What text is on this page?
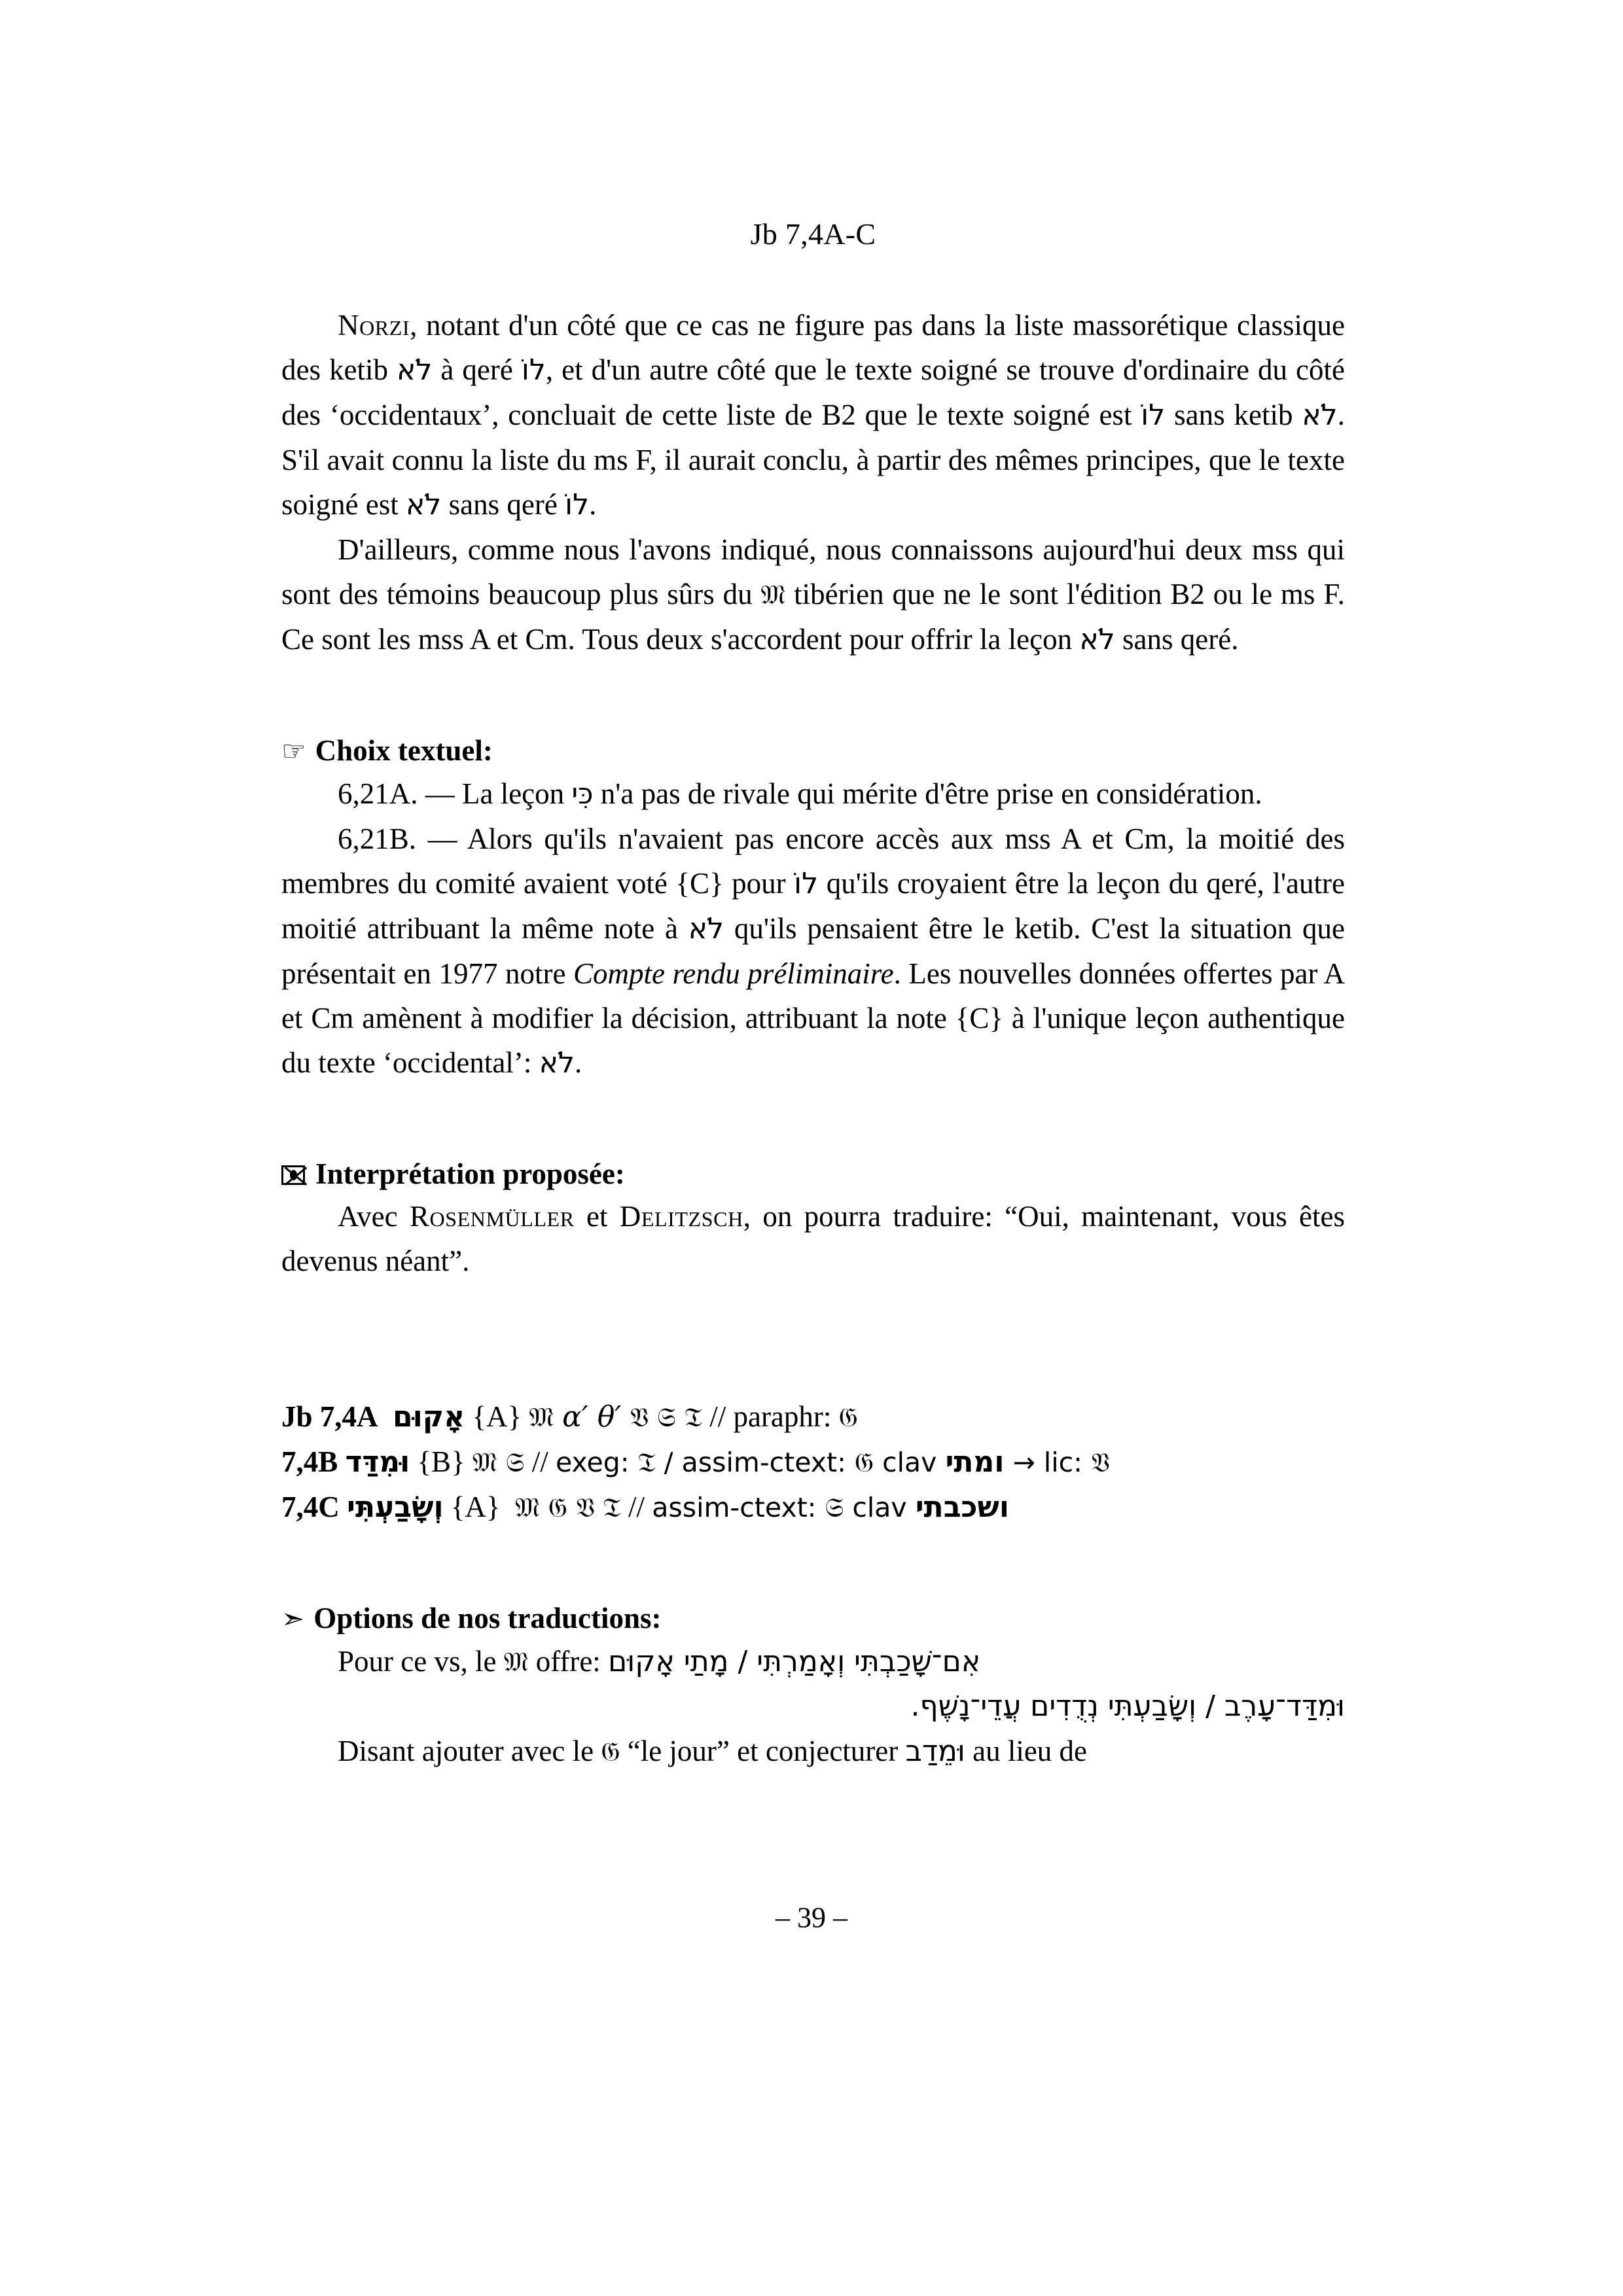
Jb 7,4A-C

Norzi, notant d'un côté que ce cas ne figure pas dans la liste massorétique classique des ketib לֹא à qeré לוֹ, et d'un autre côté que le texte soigné se trouve d'ordinaire du côté des ‘occidentaux’, concluait de cette liste de B2 que le texte soigné est לוֹ sans ketib לֹא. S'il avait connu la liste du ms F, il aurait conclu, à partir des mêmes principes, que le texte soigné est לֹא sans qeré לוֹ.

D'ailleurs, comme nous l'avons indiqué, nous connaissons aujourd'hui deux mss qui sont des témoins beaucoup plus sûrs du 𝔐 tibérien que ne le sont l'édition B2 ou le ms F. Ce sont les mss A et Cm. Tous deux s'accordent pour offrir la leçon לֹא sans qeré.

☞ Choix textuel:

6,21A. — La leçon כִּי n'a pas de rivale qui mérite d'être prise en considération.

6,21B. — Alors qu'ils n'avaient pas encore accès aux mss A et Cm, la moitié des membres du comité avaient voté {C} pour לוֹ qu'ils croyaient être la leçon du qeré, l'autre moitié attribuant la même note à לֹא qu'ils pensaient être le ketib. C'est la situation que présentait en 1977 notre Compte rendu préliminaire. Les nouvelles données offertes par A et Cm amènent à modifier la décision, attribuant la note {C} à l'unique leçon authentique du texte ‘occidental’: לֹא.

Interprétation proposée:

Avec Rosenmüller et Delitzsch, on pourra traduire: “Oui, maintenant, vous êtes devenus néant”.

Jb 7,4A אָקוּם {A} 𝔐 α′ θ′ 𝔙 𝔖 𝔗 // paraphr: 𝔊
7,4B וּמִדַּד {B} 𝔐 𝔖 // exeg: 𝔗 / assim-ctext: 𝔊 clav ומתי → lic: 𝔙
7,4C וְשָׂבַעְתִּי {A} 𝔐 𝔊 𝔙 𝔗 // assim-ctext: 𝔖 clav ושכבתי
➣ Options de nos traductions:

Pour ce vs, le 𝔐 offre: אִם־שָׁכַבְתִּי וְאָמַרְתִּי / מָתַי אָקוּם

וּמִדַּד־עָרֶב / וְשָׂבַעְתִּי נְדֻדִים עֲדֵי־נָשֶׁף.

Disant ajouter avec le 𝔊 “le jour” et conjecturer וּמֵדַב au lieu de

– 39 –
